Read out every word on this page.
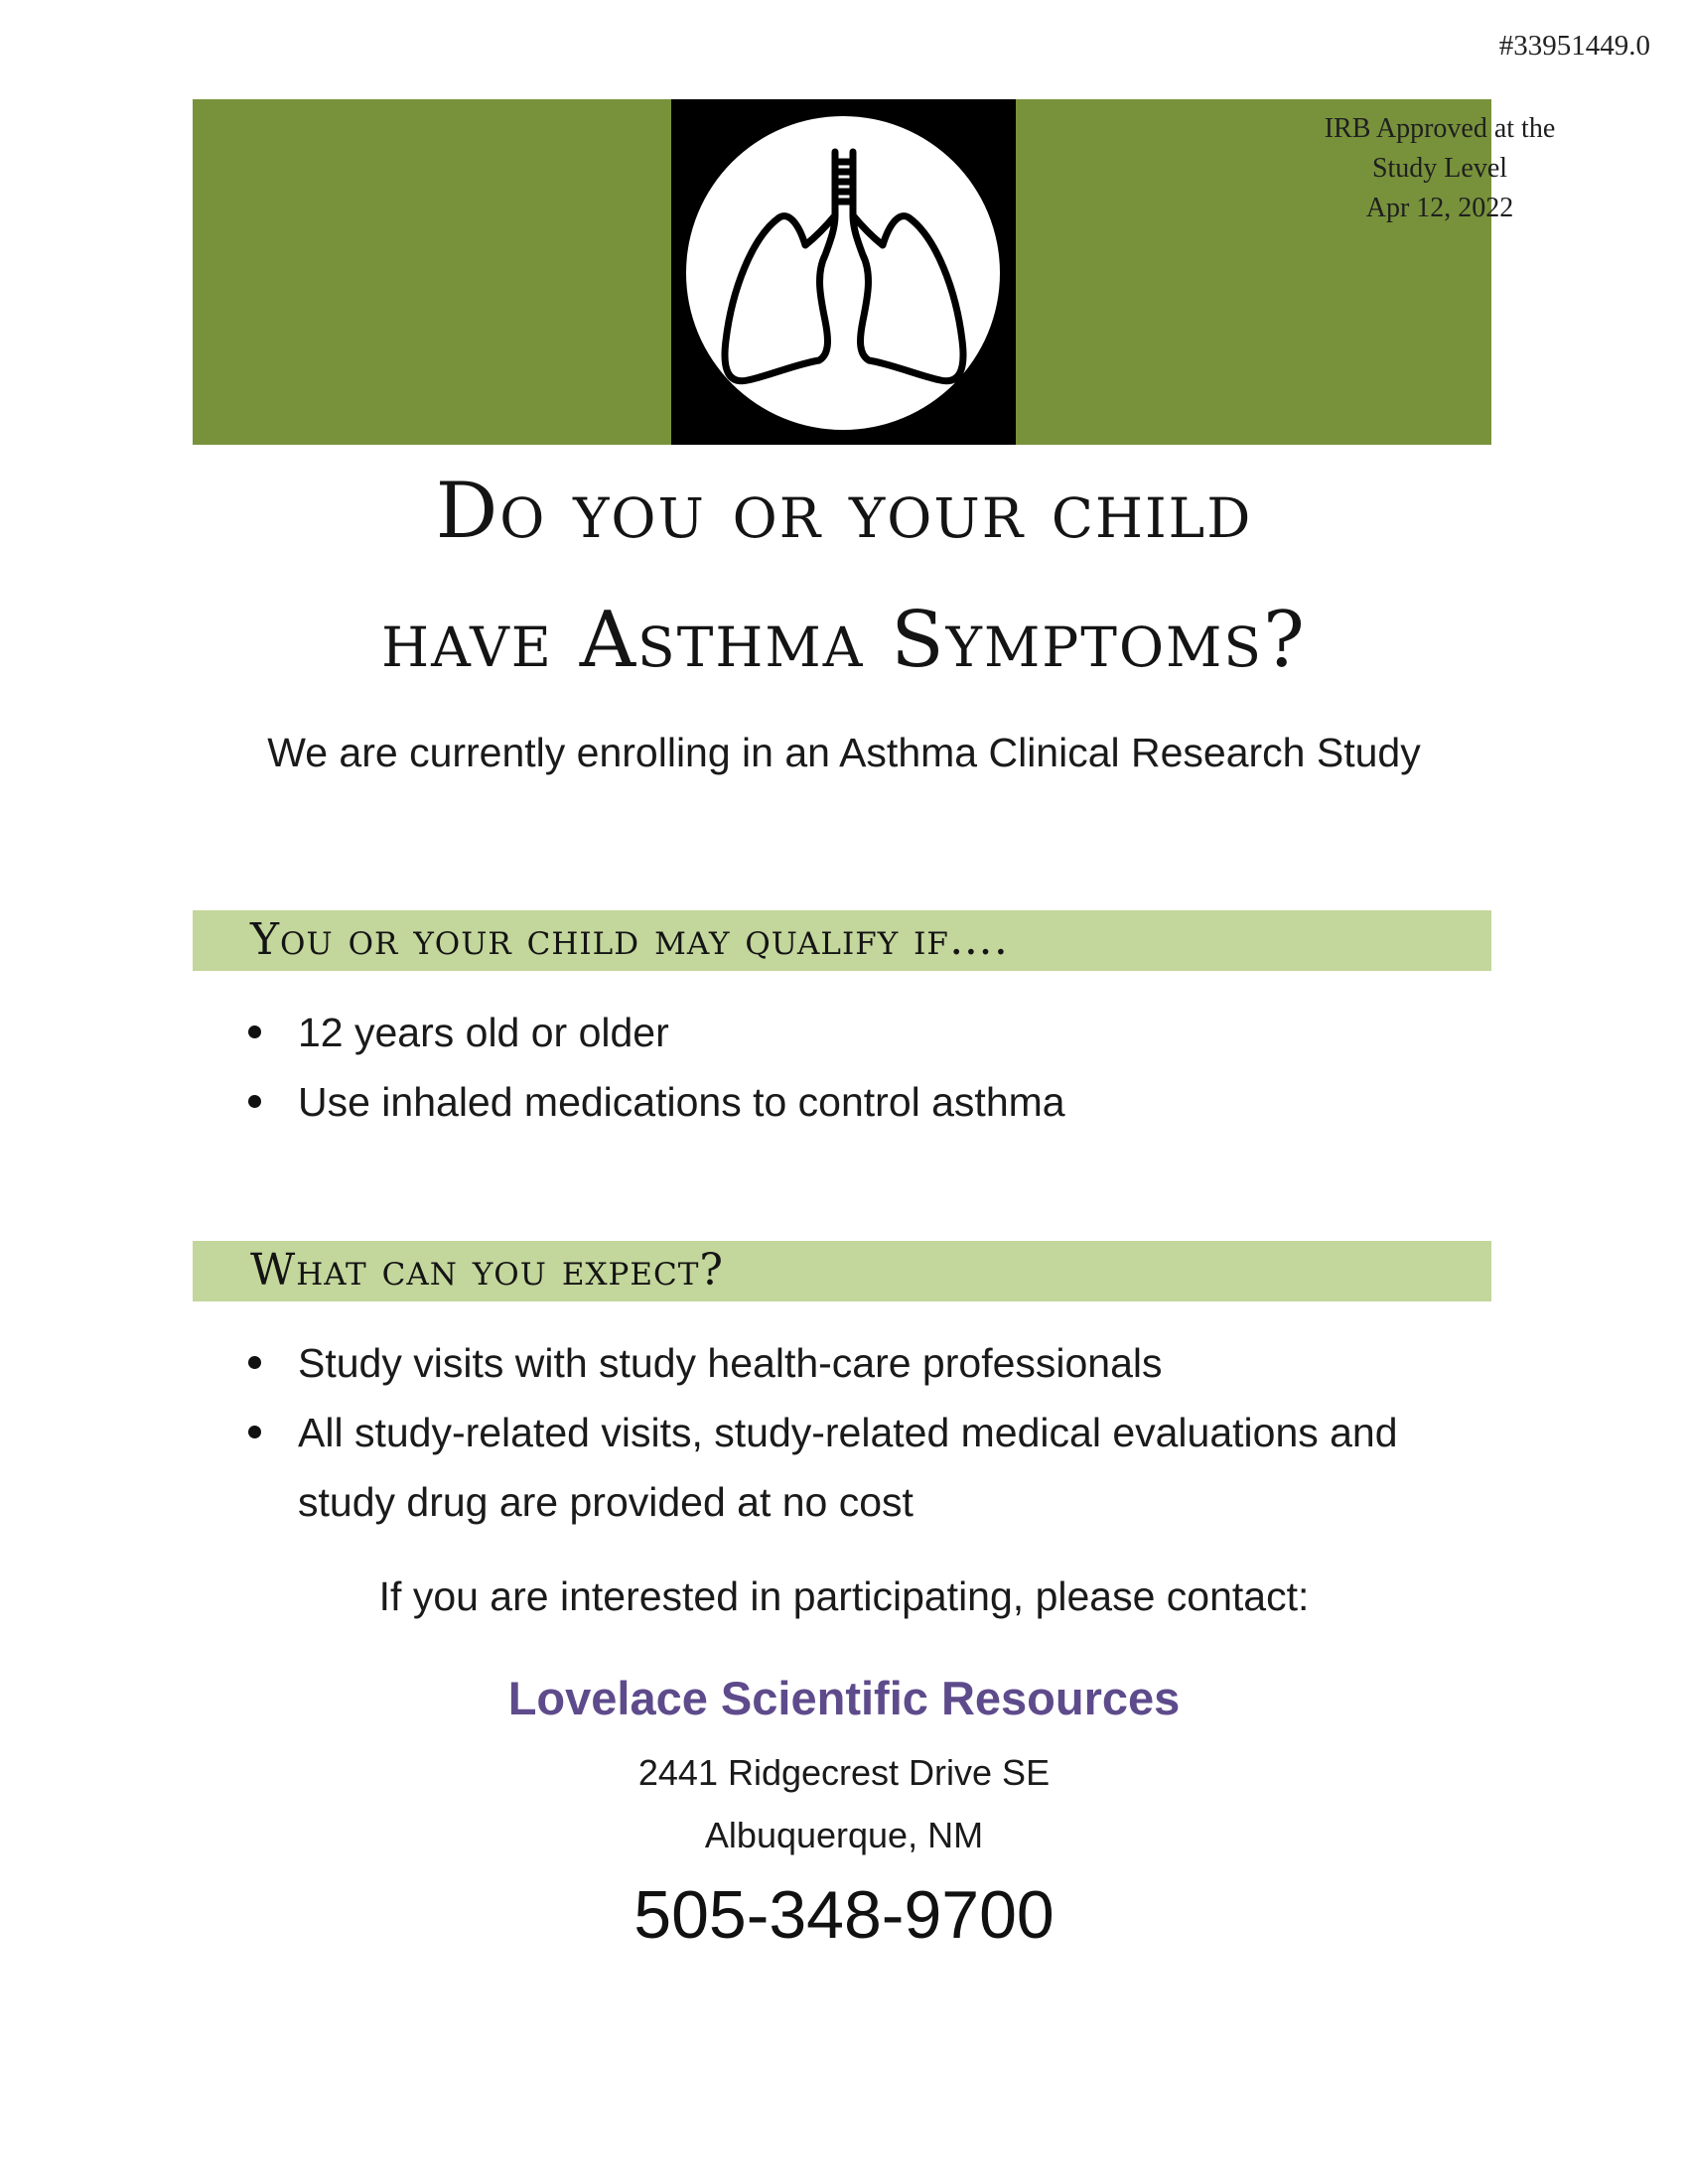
#33951449.0
IRB Approved at the
Study Level
Apr 12, 2022
Do you or your child
have Asthma Symptoms?
We are currently enrolling in an Asthma Clinical Research Study
You or your child may qualify if….
12 years old or older
Use inhaled medications to control asthma
What can you expect?
Study visits with study health-care professionals
All study-related visits, study-related medical evaluations and study drug are provided at no cost
If you are interested in participating, please contact:
Lovelace Scientific Resources
2441 Ridgecrest Drive SE
Albuquerque, NM
505-348-9700
